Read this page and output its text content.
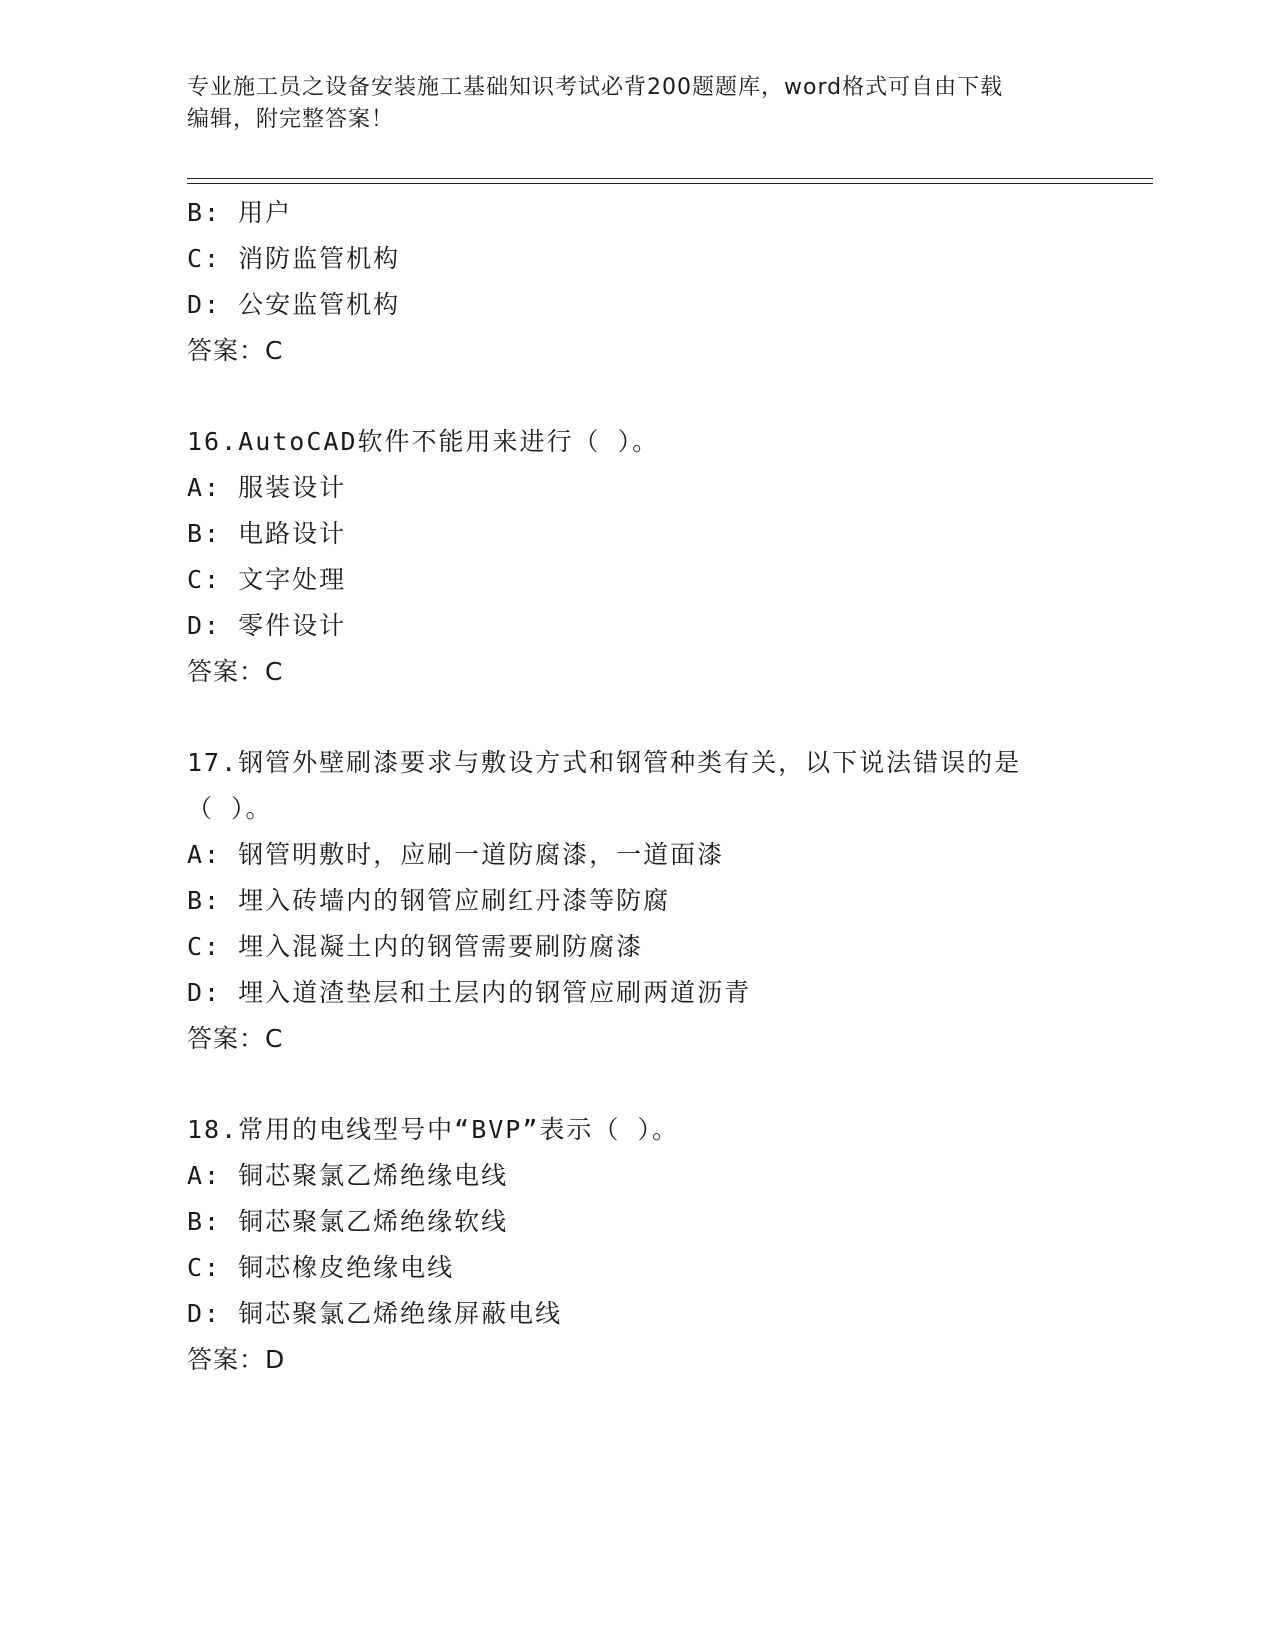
专业施工员之设备安装施工基础知识考试必背200题题库，word格式可自由下载
编辑，附完整答案！
B: 用户
C: 消防监管机构
D: 公安监管机构
答案：C
16.AutoCAD软件不能用来进行（ ）。
A: 服装设计
B: 电路设计
C: 文字处理
D: 零件设计
答案：C
17.钢管外壁刷漆要求与敷设方式和钢管种类有关，以下说法错误的是
（ ）。
A: 钢管明敷时，应刷一道防腐漆，一道面漆
B: 埋入砖墙内的钢管应刷红丹漆等防腐
C: 埋入混凝土内的钢管需要刷防腐漆
D: 埋入道渣垫层和土层内的钢管应刷两道沥青
答案：C
18.常用的电线型号中“BVP”表示（ ）。
A: 铜芯聚氯乙烯绝缘电线
B: 铜芯聚氯乙烯绝缘软线
C: 铜芯橡皮绝缘电线
D: 铜芯聚氯乙烯绝缘屏蔽电线
答案：D
